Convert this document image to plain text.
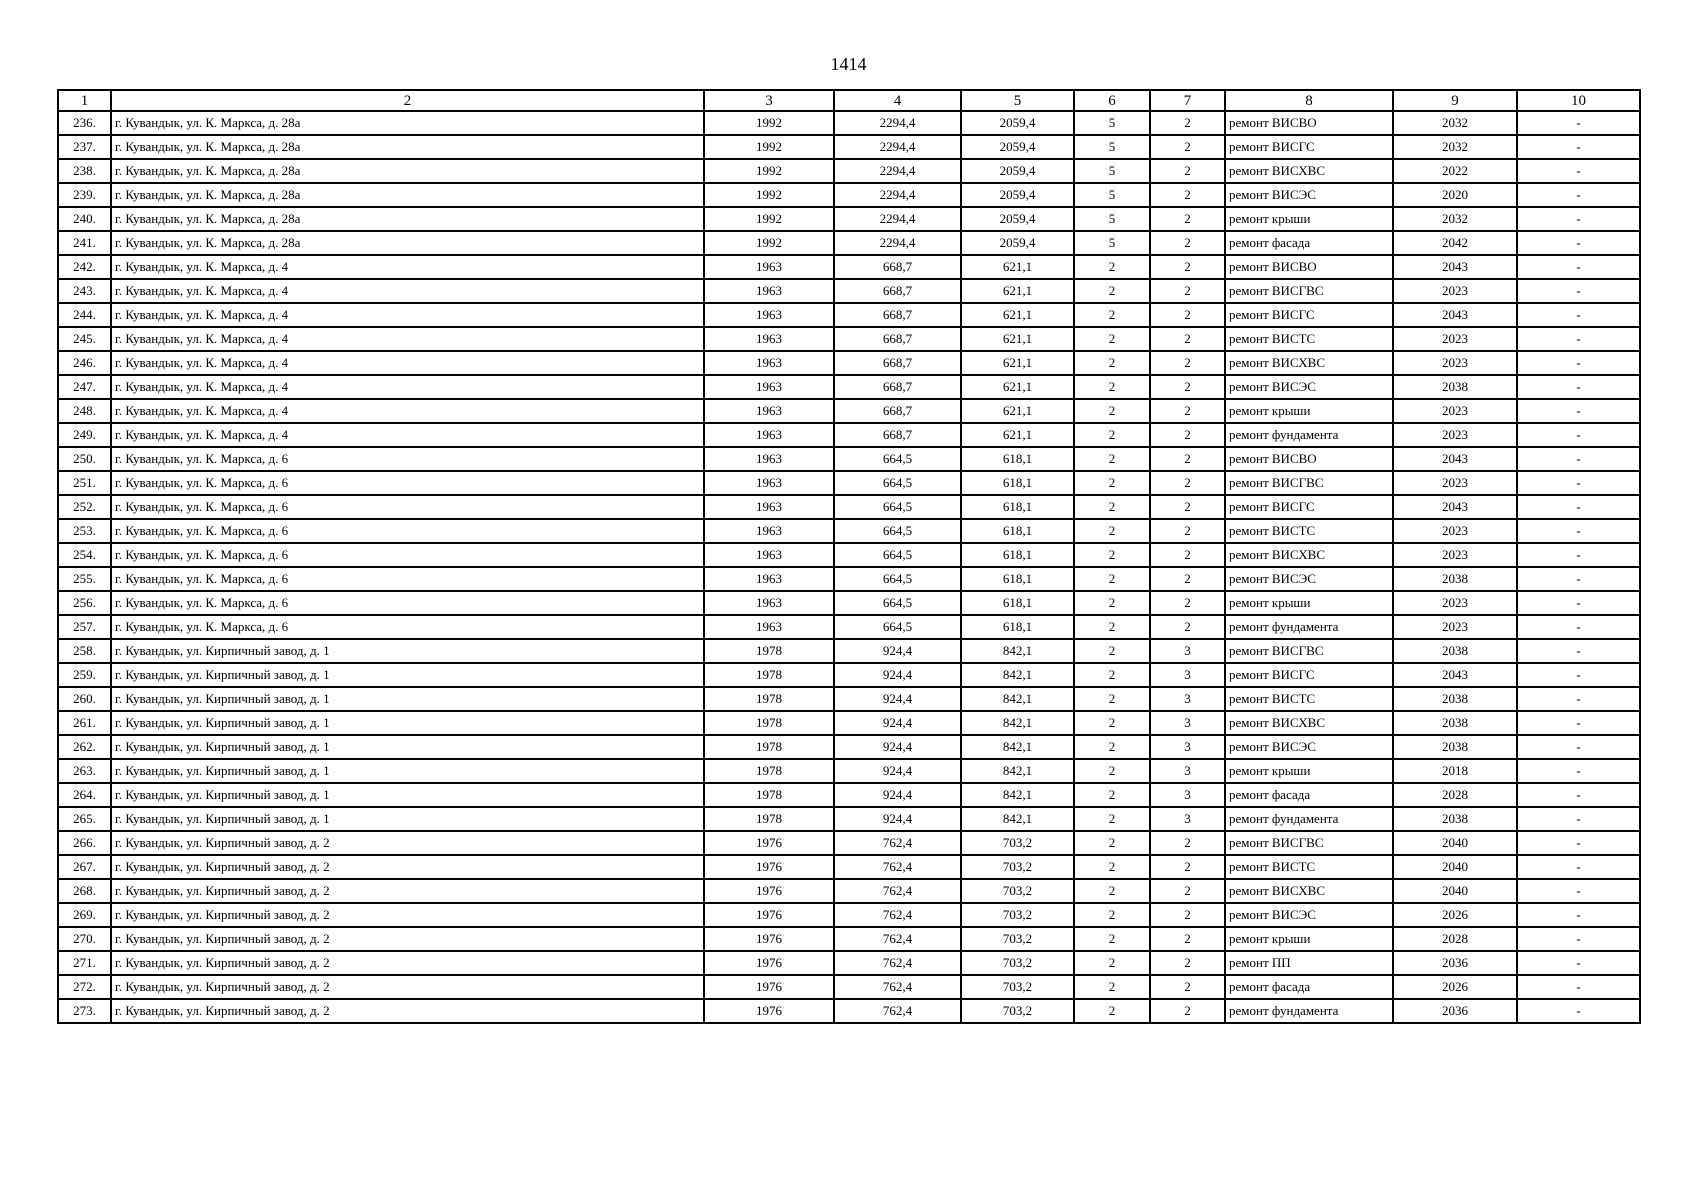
1414
1	2	3	4	5	6	7	8	9	10
236.	г. Кувандык, ул. К. Маркса, д. 28а	1992	2294,4	2059,4	5	2	ремонт ВИСВО	2032	-
237.	г. Кувандык, ул. К. Маркса, д. 28а	1992	2294,4	2059,4	5	2	ремонт ВИСГС	2032	-
238.	г. Кувандык, ул. К. Маркса, д. 28а	1992	2294,4	2059,4	5	2	ремонт ВИСХВС	2022	-
239.	г. Кувандык, ул. К. Маркса, д. 28а	1992	2294,4	2059,4	5	2	ремонт ВИСЭС	2020	-
240.	г. Кувандык, ул. К. Маркса, д. 28а	1992	2294,4	2059,4	5	2	ремонт крыши	2032	-
241.	г. Кувандык, ул. К. Маркса, д. 28а	1992	2294,4	2059,4	5	2	ремонт фасада	2042	-
242.	г. Кувандык, ул. К. Маркса, д. 4	1963	668,7	621,1	2	2	ремонт ВИСВО	2043	-
243.	г. Кувандык, ул. К. Маркса, д. 4	1963	668,7	621,1	2	2	ремонт ВИСГВС	2023	-
244.	г. Кувандык, ул. К. Маркса, д. 4	1963	668,7	621,1	2	2	ремонт ВИСГС	2043	-
245.	г. Кувандык, ул. К. Маркса, д. 4	1963	668,7	621,1	2	2	ремонт ВИСТС	2023	-
246.	г. Кувандык, ул. К. Маркса, д. 4	1963	668,7	621,1	2	2	ремонт ВИСХВС	2023	-
247.	г. Кувандык, ул. К. Маркса, д. 4	1963	668,7	621,1	2	2	ремонт ВИСЭС	2038	-
248.	г. Кувандык, ул. К. Маркса, д. 4	1963	668,7	621,1	2	2	ремонт крыши	2023	-
249.	г. Кувандык, ул. К. Маркса, д. 4	1963	668,7	621,1	2	2	ремонт фундамента	2023	-
250.	г. Кувандык, ул. К. Маркса, д. 6	1963	664,5	618,1	2	2	ремонт ВИСВО	2043	-
251.	г. Кувандык, ул. К. Маркса, д. 6	1963	664,5	618,1	2	2	ремонт ВИСГВС	2023	-
252.	г. Кувандык, ул. К. Маркса, д. 6	1963	664,5	618,1	2	2	ремонт ВИСГС	2043	-
253.	г. Кувандык, ул. К. Маркса, д. 6	1963	664,5	618,1	2	2	ремонт ВИСТС	2023	-
254.	г. Кувандык, ул. К. Маркса, д. 6	1963	664,5	618,1	2	2	ремонт ВИСХВС	2023	-
255.	г. Кувандык, ул. К. Маркса, д. 6	1963	664,5	618,1	2	2	ремонт ВИСЭС	2038	-
256.	г. Кувандык, ул. К. Маркса, д. 6	1963	664,5	618,1	2	2	ремонт крыши	2023	-
257.	г. Кувандык, ул. К. Маркса, д. 6	1963	664,5	618,1	2	2	ремонт фундамента	2023	-
258.	г. Кувандык, ул. Кирпичный завод, д. 1	1978	924,4	842,1	2	3	ремонт ВИСГВС	2038	-
259.	г. Кувандык, ул. Кирпичный завод, д. 1	1978	924,4	842,1	2	3	ремонт ВИСГС	2043	-
260.	г. Кувандык, ул. Кирпичный завод, д. 1	1978	924,4	842,1	2	3	ремонт ВИСТС	2038	-
261.	г. Кувандык, ул. Кирпичный завод, д. 1	1978	924,4	842,1	2	3	ремонт ВИСХВС	2038	-
262.	г. Кувандык, ул. Кирпичный завод, д. 1	1978	924,4	842,1	2	3	ремонт ВИСЭС	2038	-
263.	г. Кувандык, ул. Кирпичный завод, д. 1	1978	924,4	842,1	2	3	ремонт крыши	2018	-
264.	г. Кувандык, ул. Кирпичный завод, д. 1	1978	924,4	842,1	2	3	ремонт фасада	2028	-
265.	г. Кувандык, ул. Кирпичный завод, д. 1	1978	924,4	842,1	2	3	ремонт фундамента	2038	-
266.	г. Кувандык, ул. Кирпичный завод, д. 2	1976	762,4	703,2	2	2	ремонт ВИСГВС	2040	-
267.	г. Кувандык, ул. Кирпичный завод, д. 2	1976	762,4	703,2	2	2	ремонт ВИСТС	2040	-
268.	г. Кувандык, ул. Кирпичный завод, д. 2	1976	762,4	703,2	2	2	ремонт ВИСХВС	2040	-
269.	г. Кувандык, ул. Кирпичный завод, д. 2	1976	762,4	703,2	2	2	ремонт ВИСЭС	2026	-
270.	г. Кувандык, ул. Кирпичный завод, д. 2	1976	762,4	703,2	2	2	ремонт крыши	2028	-
271.	г. Кувандык, ул. Кирпичный завод, д. 2	1976	762,4	703,2	2	2	ремонт ПП	2036	-
272.	г. Кувандык, ул. Кирпичный завод, д. 2	1976	762,4	703,2	2	2	ремонт фасада	2026	-
273.	г. Кувандык, ул. Кирпичный завод, д. 2	1976	762,4	703,2	2	2	ремонт фундамента	2036	-
